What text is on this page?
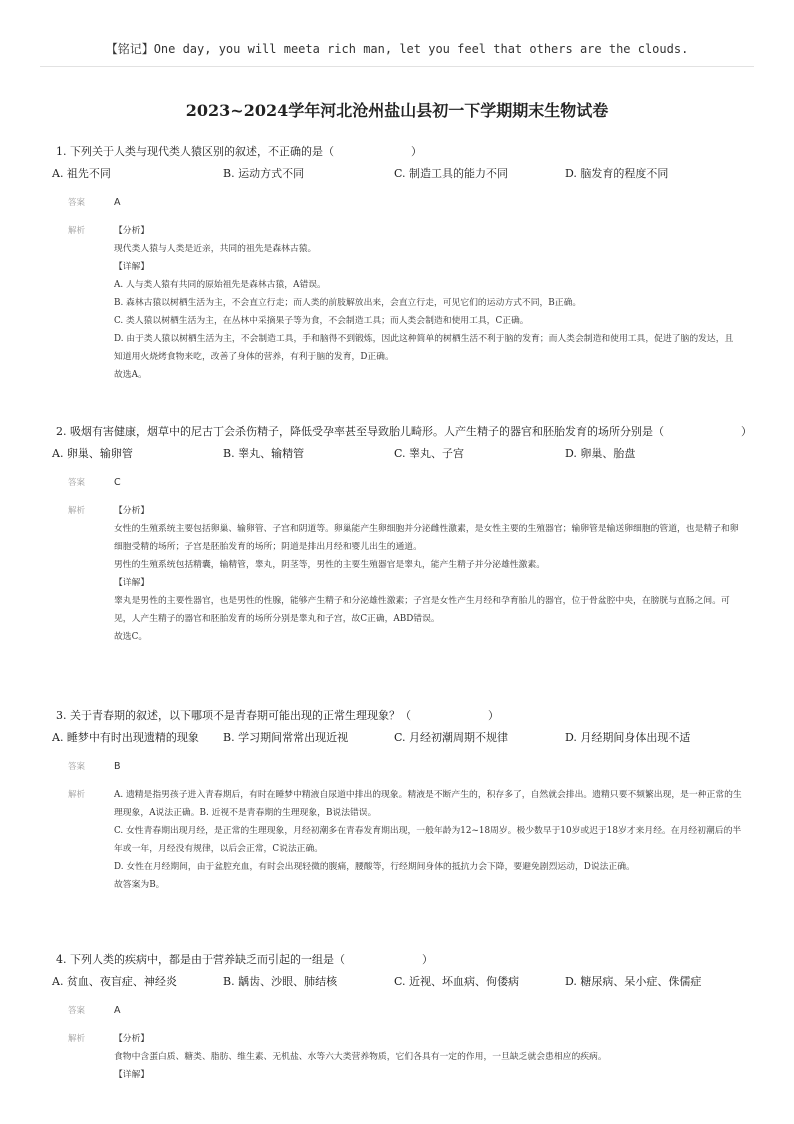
【铭记】One day, you will meeta rich man, let you feel that others are the clouds.
2023~2024学年河北沧州盐山县初一下学期期末生物试卷
1. 下列关于人类与现代类人猿区别的叙述，不正确的是（　　　　　　　）
A. 祖先不同	B. 运动方式不同	C. 制造工具的能力不同	D. 脑发育的程度不同
答案	A
解析	【分析】
现代类人猿与人类是近亲，共同的祖先是森林古猿。
【详解】
A. 人与类人猿有共同的原始祖先是森林古猿，A错误。
B. 森林古猿以树栖生活为主，不会直立行走；而人类的前肢解放出来，会直立行走，可见它们的运动方式不同，B正确。
C. 类人猿以树栖生活为主，在丛林中采摘果子等为食，不会制造工具；而人类会制造和使用工具，C正确。
D. 由于类人猿以树栖生活为主，不会制造工具，手和脑得不到锻炼，因此这种简单的树栖生活不利于脑的发育；而人类会制造和使用工具，促进了脑的发达，且知道用火烧烤食物来吃，改善了身体的营养，有利于脑的发育，D正确。
故选A。
2. 吸烟有害健康，烟草中的尼古丁会杀伤精子，降低受孕率甚至导致胎儿畸形。人产生精子的器官和胚胎发育的场所分别是（　　　　　　　）
A. 卵巢、输卵管	B. 睾丸、输精管	C. 睾丸、子宫	D. 卵巢、胎盘
答案	C
解析	【分析】
女性的生殖系统主要包括卵巢、输卵管、子宫和阴道等。卵巢能产生卵细胞并分泌雌性激素，是女性主要的生殖器官；输卵管是输送卵细胞的管道，也是精子和卵细胞受精的场所；子宫是胚胎发育的场所；阴道是排出月经和婴儿出生的通道。
男性的生殖系统包括精囊，输精管，睾丸，阴茎等，男性的主要生殖器官是睾丸，能产生精子并分泌雄性激素。
【详解】
睾丸是男性的主要性器官，也是男性的性腺，能够产生精子和分泌雄性激素；子宫是女性产生月经和孕育胎儿的器官，位于骨盆腔中央，在膀胱与直肠之间。可见，人产生精子的器官和胚胎发育的场所分别是睾丸和子宫，故C正确，ABD错误。
故选C。
3. 关于青春期的叙述，以下哪项不是青春期可能出现的正常生理现象？（　　　　　　　）
A. 睡梦中有时出现遗精的现象	B. 学习期间常常出现近视	C. 月经初潮周期不规律	D. 月经期间身体出现不适
答案	B
解析	A. 遗精是指男孩子进入青春期后，有时在睡梦中精液自尿道中排出的现象。精液是不断产生的，积存多了，自然就会排出。遗精只要不频繁出现，是一种正常的生理现象，A说法正确。B. 近视不是青春期的生理现象，B说法错误。
C. 女性青春期出现月经，是正常的生理现象，月经初潮多在青春发育期出现，一般年龄为12~18周岁。极少数早于10岁或迟于18岁才来月经。在月经初潮后的半年或一年，月经没有规律，以后会正常，C说法正确。
D. 女性在月经期间，由于盆腔充血，有时会出现轻微的腹痛，腰酸等，行经期间身体的抵抗力会下降，要避免剧烈运动，D说法正确。
故答案为B。
4. 下列人类的疾病中，都是由于营养缺乏而引起的一组是（　　　　　　　）
A. 贫血、夜盲症、神经炎	B. 龋齿、沙眼、肺结核	C. 近视、坏血病、佝偻病	D. 糖尿病、呆小症、侏儒症
答案	A
解析	【分析】
食物中含蛋白质、糖类、脂肪、维生素、无机盐、水等六大类营养物质，它们各具有一定的作用，一旦缺乏就会患相应的疾病。
【详解】
